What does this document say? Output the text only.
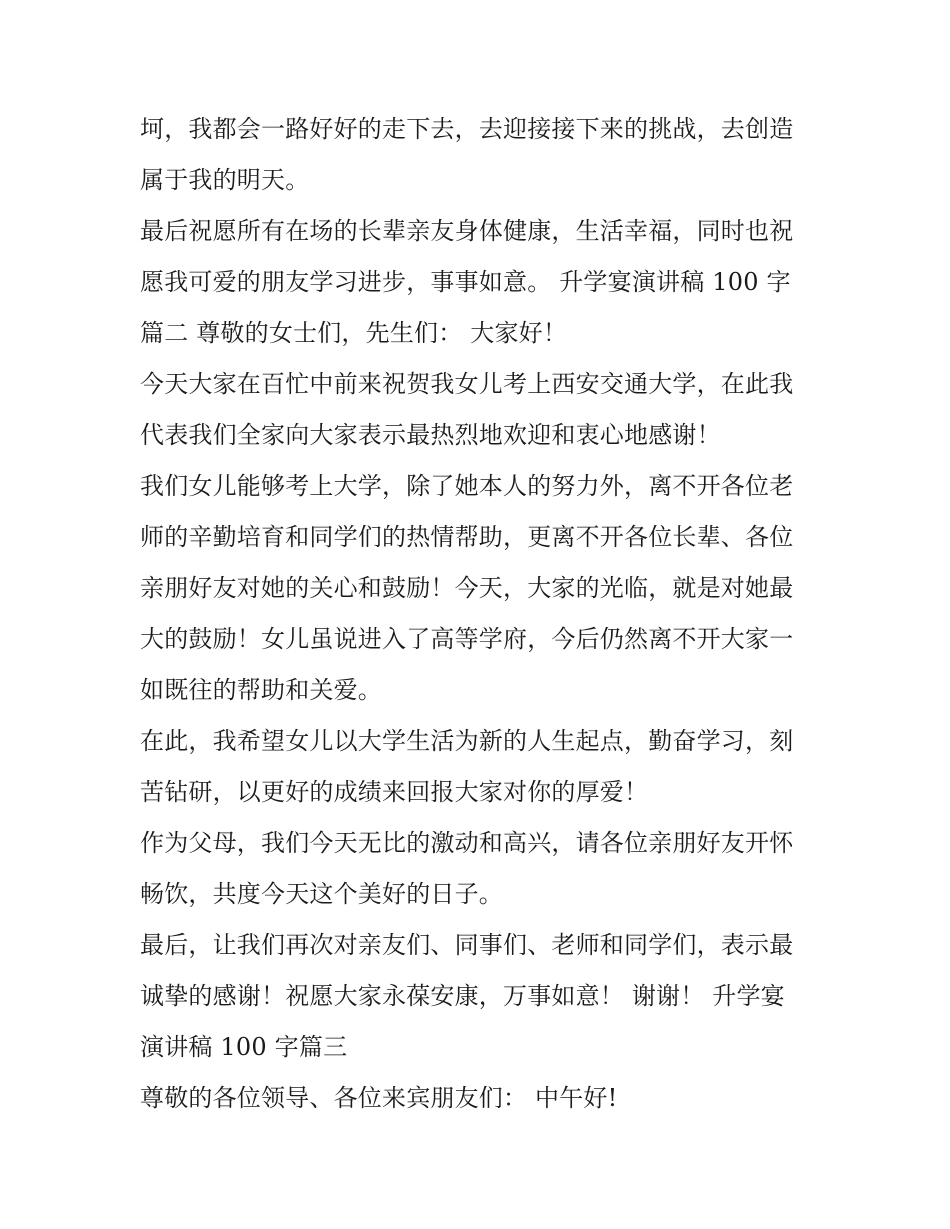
坷，我都会一路好好的走下去，去迎接接下来的挑战，去创造
属于我的明天。
最后祝愿所有在场的长辈亲友身体健康，生活幸福，同时也祝
愿我可爱的朋友学习进步，事事如意。 升学宴演讲稿 100 字
篇二 尊敬的女士们，先生们： 大家好！
今天大家在百忙中前来祝贺我女儿考上西安交通大学，在此我
代表我们全家向大家表示最热烈地欢迎和衷心地感谢！
我们女儿能够考上大学，除了她本人的努力外，离不开各位老
师的辛勤培育和同学们的热情帮助，更离不开各位长辈、各位
亲朋好友对她的关心和鼓励！今天，大家的光临，就是对她最
大的鼓励！女儿虽说进入了高等学府，今后仍然离不开大家一
如既往的帮助和关爱。
在此，我希望女儿以大学生活为新的人生起点，勤奋学习，刻
苦钻研，以更好的成绩来回报大家对你的厚爱！
作为父母，我们今天无比的激动和高兴，请各位亲朋好友开怀
畅饮，共度今天这个美好的日子。
最后，让我们再次对亲友们、同事们、老师和同学们，表示最
诚挚的感谢！祝愿大家永葆安康，万事如意！ 谢谢！ 升学宴
演讲稿 100 字篇三
尊敬的各位领导、各位来宾朋友们： 中午好!
